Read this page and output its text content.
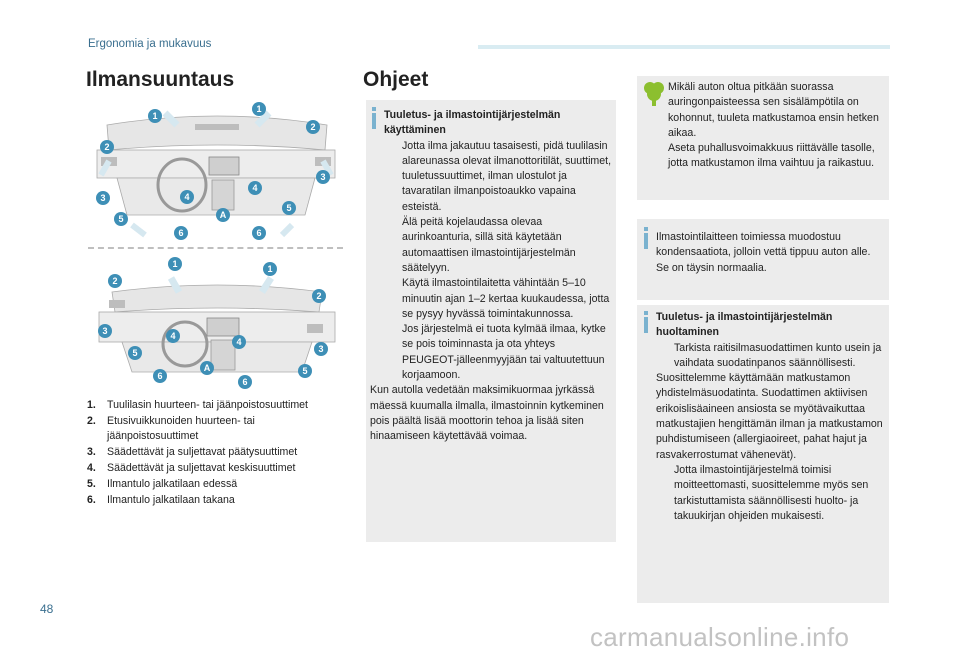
Ergonomia ja mukavuus
48
Ilmansuuntaus
1
1
2
2
3
3
4
4
5
5
6	6
A
1	1
2
2
3
3
4
4
5
5
6
6
A
1.	Tuulilasin huurteen- tai jäänpoistosuuttimet
2.	Etusivuikkunoiden huurteen- tai jäänpoistosuuttimet
3.	Säädettävät ja suljettavat päätysuuttimet
4.	Säädettävät ja suljettavat keskisuuttimet
5.	Ilmantulo jalkatilaan edessä
6.	Ilmantulo jalkatilaan takana
Ohjeet

Tuuletus- ja ilmastointijärjestelmän käyttäminen

Jotta ilma jakautuu tasaisesti, pidä tuulilasin alareunassa olevat ilmanottoritilät, suuttimet, tuuletussuuttimet, ilman ulostulot ja tavaratilan ilmanpoistoaukko vapaina esteistä.
Älä peitä kojelaudassa olevaa aurinkoanturia, sillä sitä käytetään automaattisen ilmastointijärjestelmän säätelyyn.
Käytä ilmastointilaitetta vähintään 5–10 minuutin ajan 1–2 kertaa kuukaudessa, jotta se pysyy hyvässä toimintakunnossa.
Jos järjestelmä ei tuota kylmää ilmaa, kytke se pois toiminnasta ja ota yhteys PEUGEOT-jälleenmyyjään tai valtuutettuun korjaamoon.

Kun autolla vedetään maksimikuormaa jyrkässä mäessä kuumalla ilmalla, ilmastoinnin kytkeminen pois päältä lisää moottorin tehoa ja lisää siten hinaamiseen käytettävää voimaa.

Mikäli auton oltua pitkään suorassa auringonpaisteessa sen sisälämpötila on kohonnut, tuuleta matkustamoa ensin hetken aikaa.

Aseta puhallusvoimakkuus riittävälle tasolle, jotta matkustamon ilma vaihtuu ja raikastuu.

Ilmastointilaitteen toimiessa muodostuu kondensaatiota, jolloin vettä tippuu auton alle. Se on täysin normaalia.

Tuuletus- ja ilmastointijärjestelmän huoltaminen

Tarkista raitisilmasuodattimen kunto usein ja vaihdata suodatinpanos säännöllisesti.

Suosittelemme käyttämään matkustamon yhdistelmäsuodatinta. Suodattimen aktiivisen erikoislisäaineen ansiosta se myötävaikuttaa matkustajien hengittämän ilman ja matkustamon puhdistumiseen (allergiaoireet, pahat hajut ja rasvakerrostumat vähenevät).

Jotta ilmastointijärjestelmä toimisi moitteettomasti, suosittelemme myös sen tarkistuttamista säännöllisesti huolto- ja takuukirjan ohjeiden mukaisesti.
carmanualsonline.info
